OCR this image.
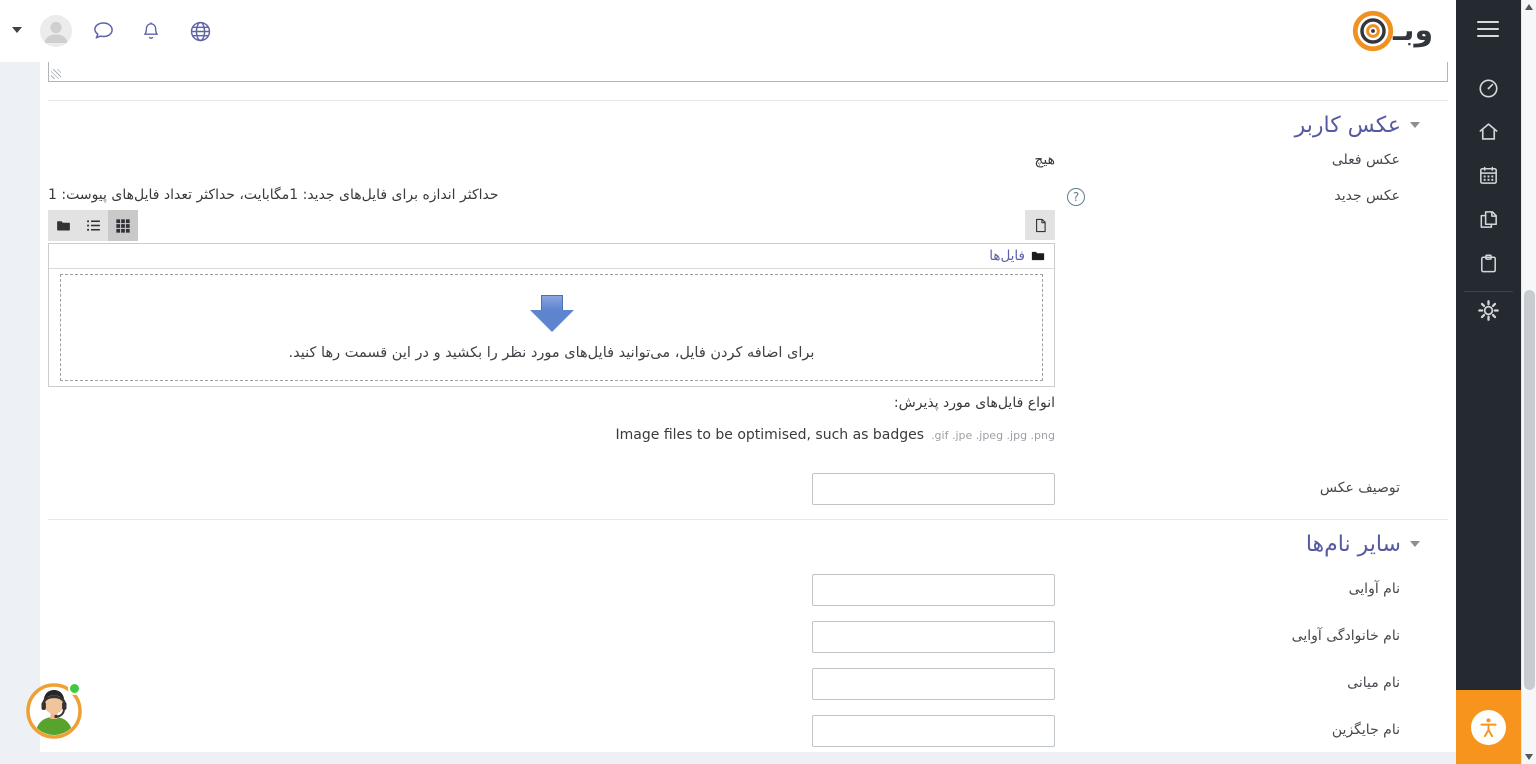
وبـ
عکس کاربر
عکس فعلی
هیچ
عکس جدید
?
حداکثر اندازه برای فایل‌های جدید: 1مگابایت، حداکثر تعداد فایل‌های پیوست: 1
فایل‌ها
برای اضافه کردن فایل، می‌توانید فایل‌های مورد نظر را بکشید و در این قسمت رها کنید.
انواع فایل‌های مورد پذیرش:
.gif .jpe .jpeg .jpg .png
Image files to be optimised, such as badges
توصیف عکس
سایر نام‌ها
نام آوایی
نام خانوادگی آوایی
نام میانی
نام جایگزین
